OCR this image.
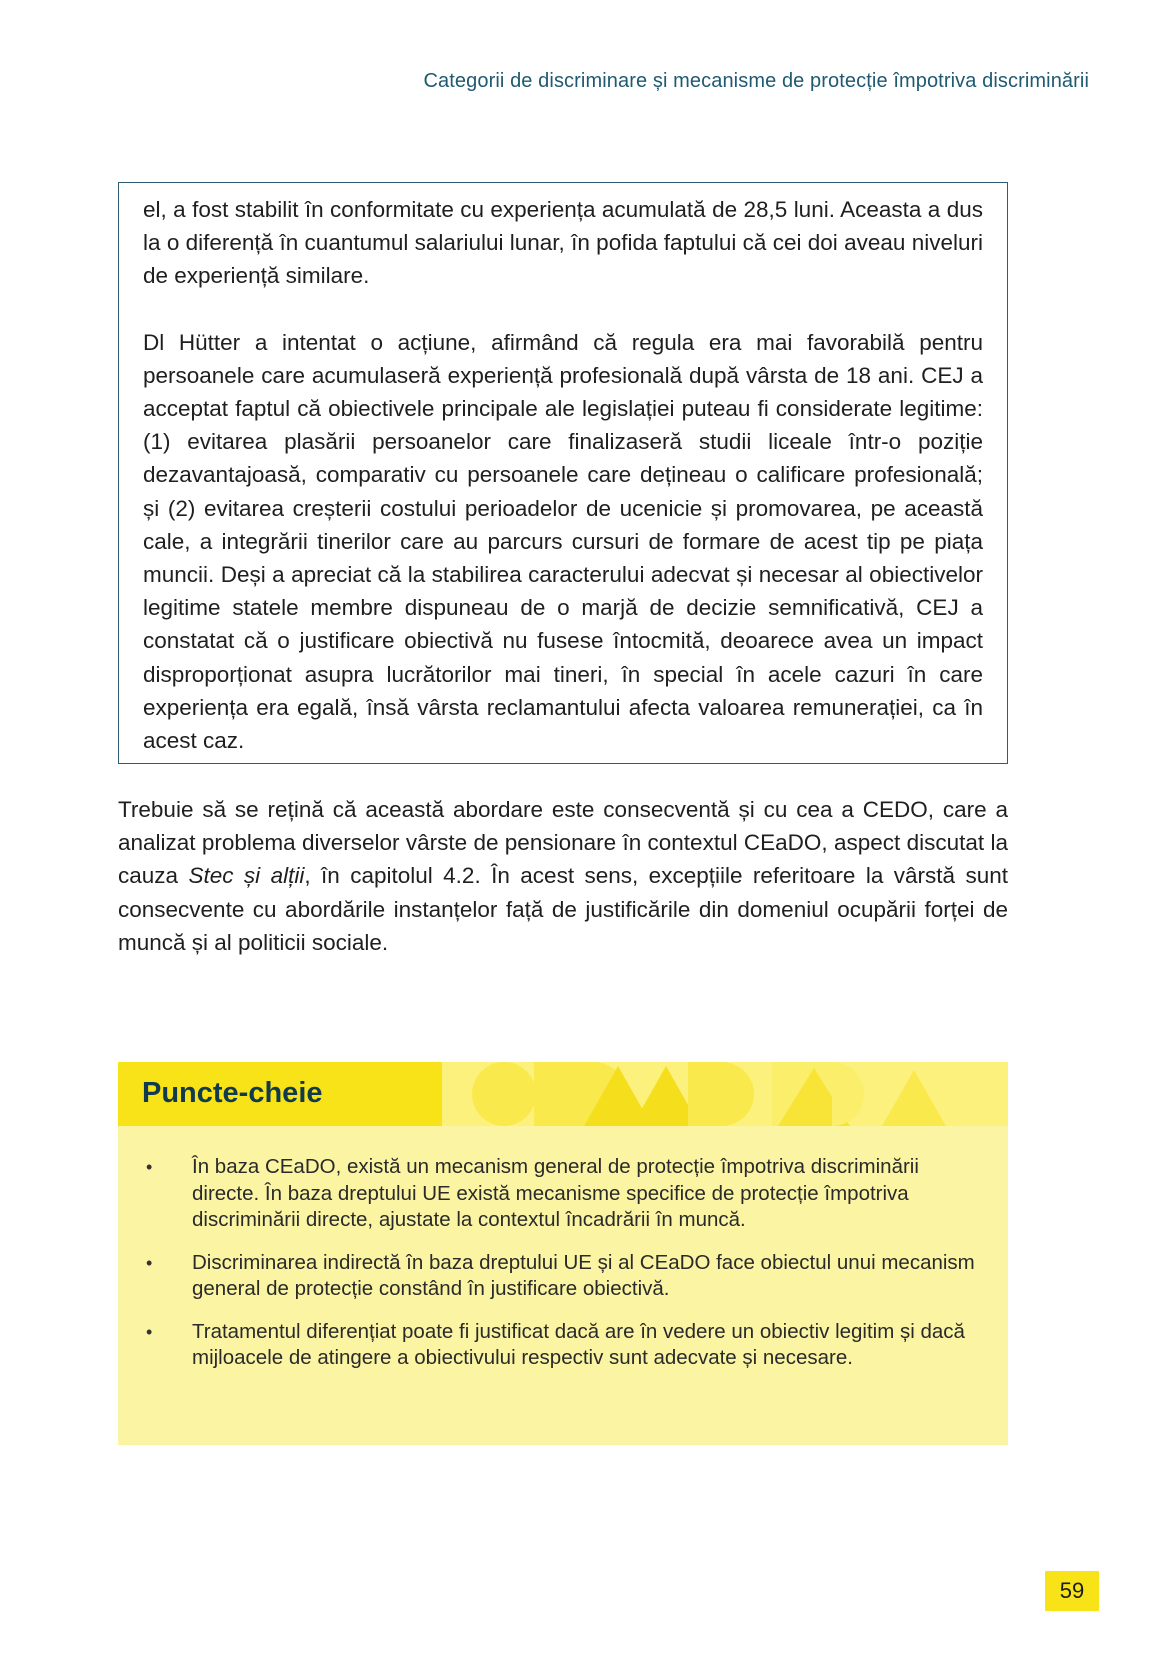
Categorii de discriminare și mecanisme de protecție împotriva discriminării

el, a fost stabilit în conformitate cu experiența acumulată de 28,5 luni. Aceasta a dus la o diferență în cuantumul salariului lunar, în pofida faptului că cei doi aveau niveluri de experiență similare.

Dl Hütter a intentat o acțiune, afirmând că regula era mai favorabilă pentru persoanele care acumulaseră experiență profesională după vârsta de 18 ani. CEJ a acceptat faptul că obiectivele principale ale legislației puteau fi considerate legitime: (1) evitarea plasării persoanelor care finalizaseră studii liceale într-o poziție dezavantajoasă, comparativ cu persoanele care dețineau o calificare profesională; și (2) evitarea creșterii costului perioadelor de ucenicie și promovarea, pe această cale, a integrării tinerilor care au parcurs cursuri de formare de acest tip pe piața muncii. Deși a apreciat că la stabilirea caracterului adecvat și necesar al obiectivelor legitime statele membre dispuneau de o marjă de decizie semnificativă, CEJ a constatat că o justificare obiectivă nu fusese întocmită, deoarece avea un impact disproporționat asupra lucrătorilor mai tineri, în special în acele cazuri în care experiența era egală, însă vârsta reclamantului afecta valoarea remunerației, ca în acest caz.

Trebuie să se rețină că această abordare este consecventă și cu cea a CEDO, care a analizat problema diverselor vârste de pensionare în contextul CEaDO, aspect discutat la cauza Stec și alții, în capitolul 4.2. În acest sens, excepțiile referitoare la vârstă sunt consecvente cu abordările instanțelor față de justificările din domeniul ocupării forței de muncă și al politicii sociale.

Puncte-cheie
• În baza CEaDO, există un mecanism general de protecție împotriva discriminării directe. În baza dreptului UE există mecanisme specifice de protecție împotriva discriminării directe, ajustate la contextul încadrării în muncă.
• Discriminarea indirectă în baza dreptului UE și al CEaDO face obiectul unui mecanism general de protecție constând în justificare obiectivă.
• Tratamentul diferențiat poate fi justificat dacă are în vedere un obiectiv legitim și dacă mijloacele de atingere a obiectivului respectiv sunt adecvate și necesare.
59
